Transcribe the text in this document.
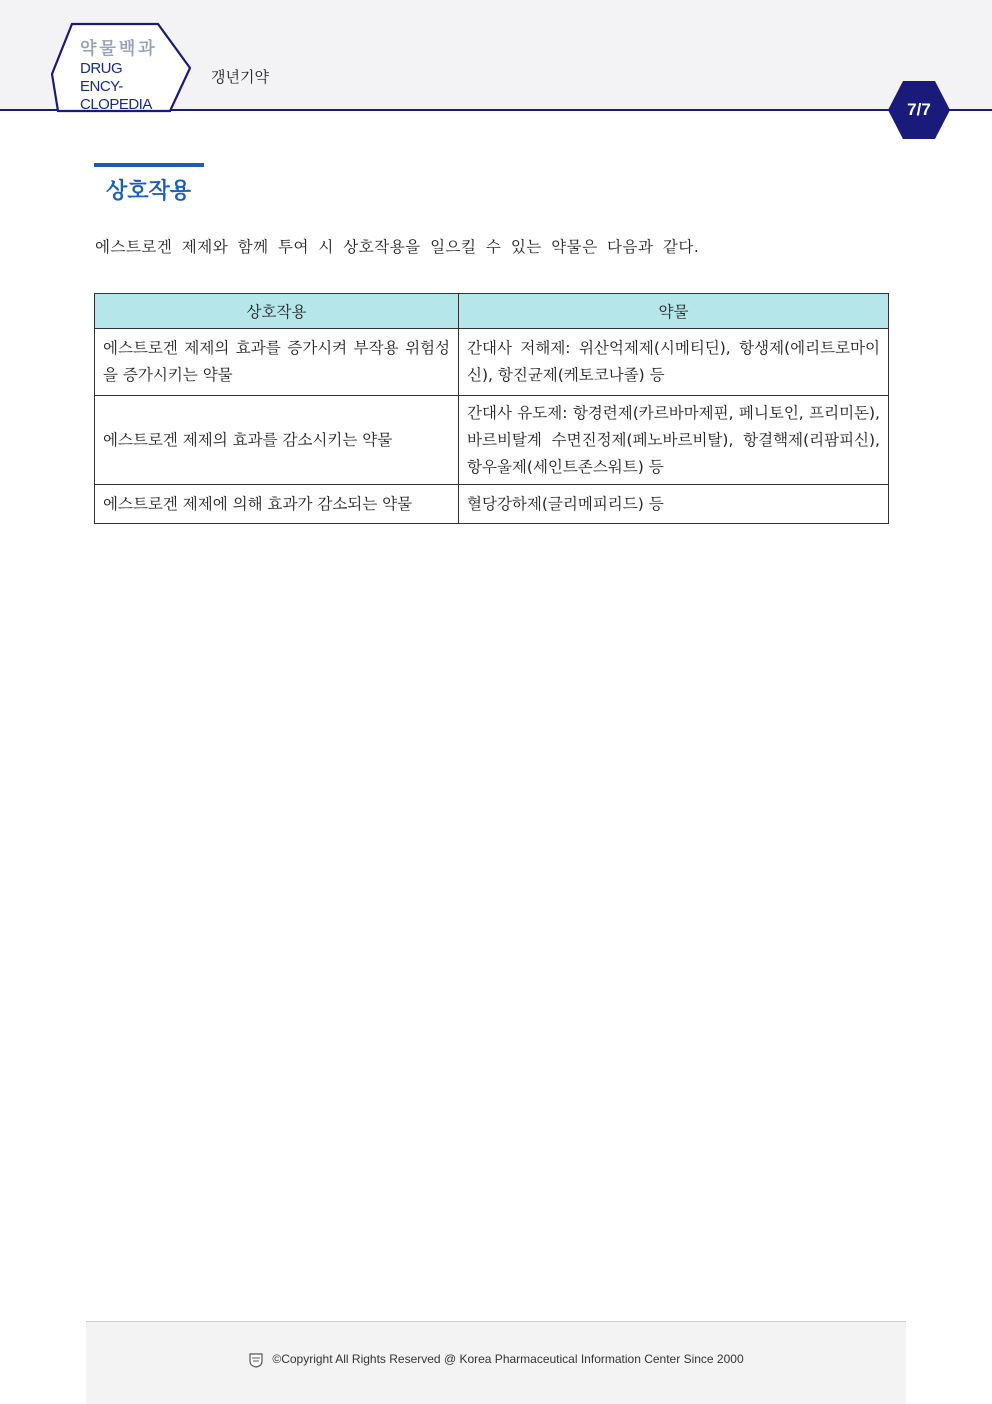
약물백과
DRUG ENCY-
CLOPEDIA
갱년기약
7/7
상호작용
에스트로겐 제제와 함께 투여 시 상호작용을 일으킬 수 있는 약물은 다음과 같다.
상호작용	약물
에스트로겐 제제의 효과를 증가시켜 부작용 위험성을 증가시키는 약물	간대사 저해제: 위산억제제(시메티딘), 항생제(에리트로마이신), 항진균제(케토코나졸) 등
에스트로겐 제제의 효과를 감소시키는 약물	간대사 유도제: 항경련제(카르바마제핀, 페니토인, 프리미돈), 바르비탈계 수면진정제(페노바르비탈), 항결핵제(리팜피신), 항우울제(세인트존스워트) 등
에스트로겐 제제에 의해 효과가 감소되는 약물	혈당강하제(글리메피리드) 등
©Copyright All Rights Reserved @ Korea Pharmaceutical Information Center Since 2000
